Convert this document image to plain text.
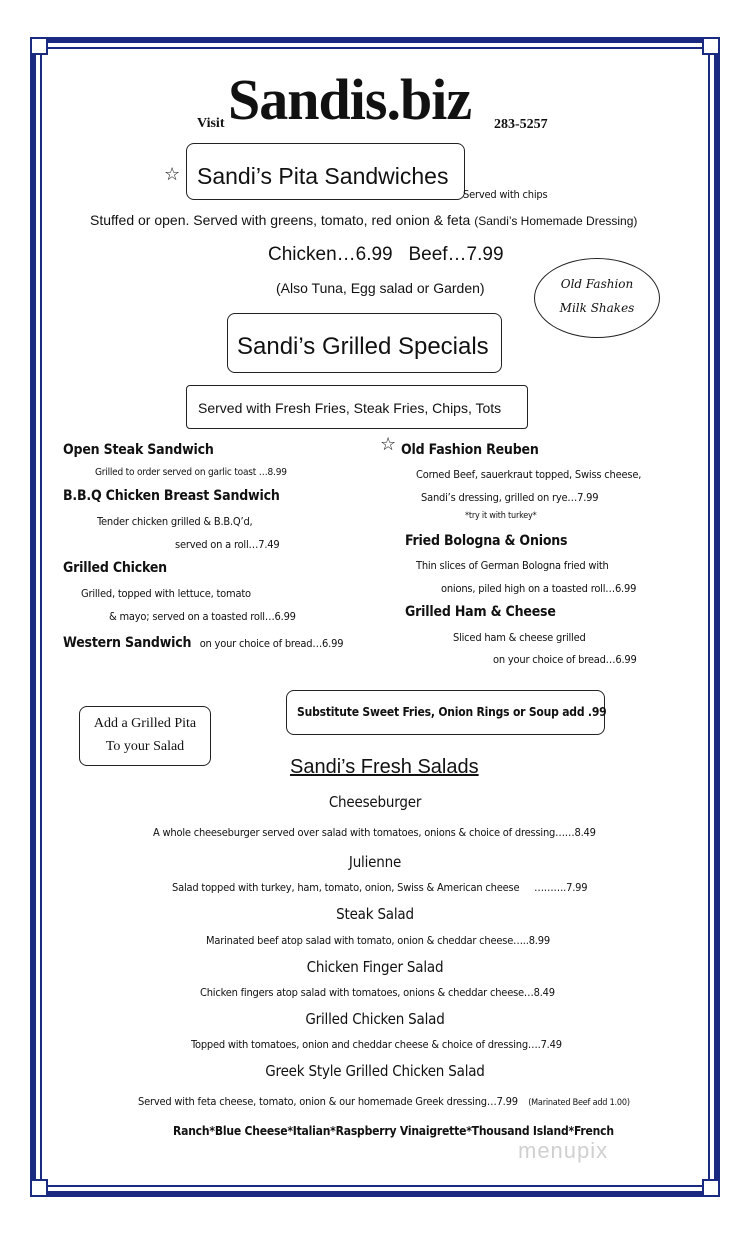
Visit Sandis.biz 283-5257
☆ Sandi’s Pita Sandwiches
Served with chips
Stuffed or open. Served with greens, tomato, red onion & feta (Sandi’s Homemade Dressing)
Chicken…6.99   Beef…7.99
(Also Tuna, Egg salad or Garden)	Old Fashion
Milk Shakes
Sandi’s Grilled Specials
Served with Fresh Fries, Steak Fries, Chips, Tots
Open Steak Sandwich
Grilled to order served on garlic toast …8.99
B.B.Q Chicken Breast Sandwich
Tender chicken grilled & B.B.Q’d,
served on a roll…7.49
Grilled Chicken
Grilled, topped with lettuce, tomato
& mayo; served on a toasted roll…6.99
Western Sandwich on your choice of bread…6.99
☆ Old Fashion Reuben
Corned Beef, sauerkraut topped, Swiss cheese,
Sandi’s dressing, grilled on rye…7.99
*try it with turkey*
Fried Bologna & Onions
Thin slices of German Bologna fried with
onions, piled high on a toasted roll…6.99
Grilled Ham & Cheese
Sliced ham & cheese grilled
on your choice of bread…6.99
Substitute Sweet Fries, Onion Rings or Soup add .99
Add a Grilled Pita
To your Salad
Sandi’s Fresh Salads
Cheeseburger
A whole cheeseburger served over salad with tomatoes, onions & choice of dressing……8.49
Julienne
Salad topped with turkey, ham, tomato, onion, Swiss & American cheese     ……….7.99
Steak Salad
Marinated beef atop salad with tomato, onion & cheddar cheese…..8.99
Chicken Finger Salad
Chicken fingers atop salad with tomatoes, onions & cheddar cheese…8.49
Grilled Chicken Salad
Topped with tomatoes, onion and cheddar cheese & choice of dressing….7.49
Greek Style Grilled Chicken Salad
Served with feta cheese, tomato, onion & our homemade Greek dressing…7.99 (Marinated Beef add 1.00)
Ranch*Blue Cheese*Italian*Raspberry Vinaigrette*Thousand Island*French
menupix
